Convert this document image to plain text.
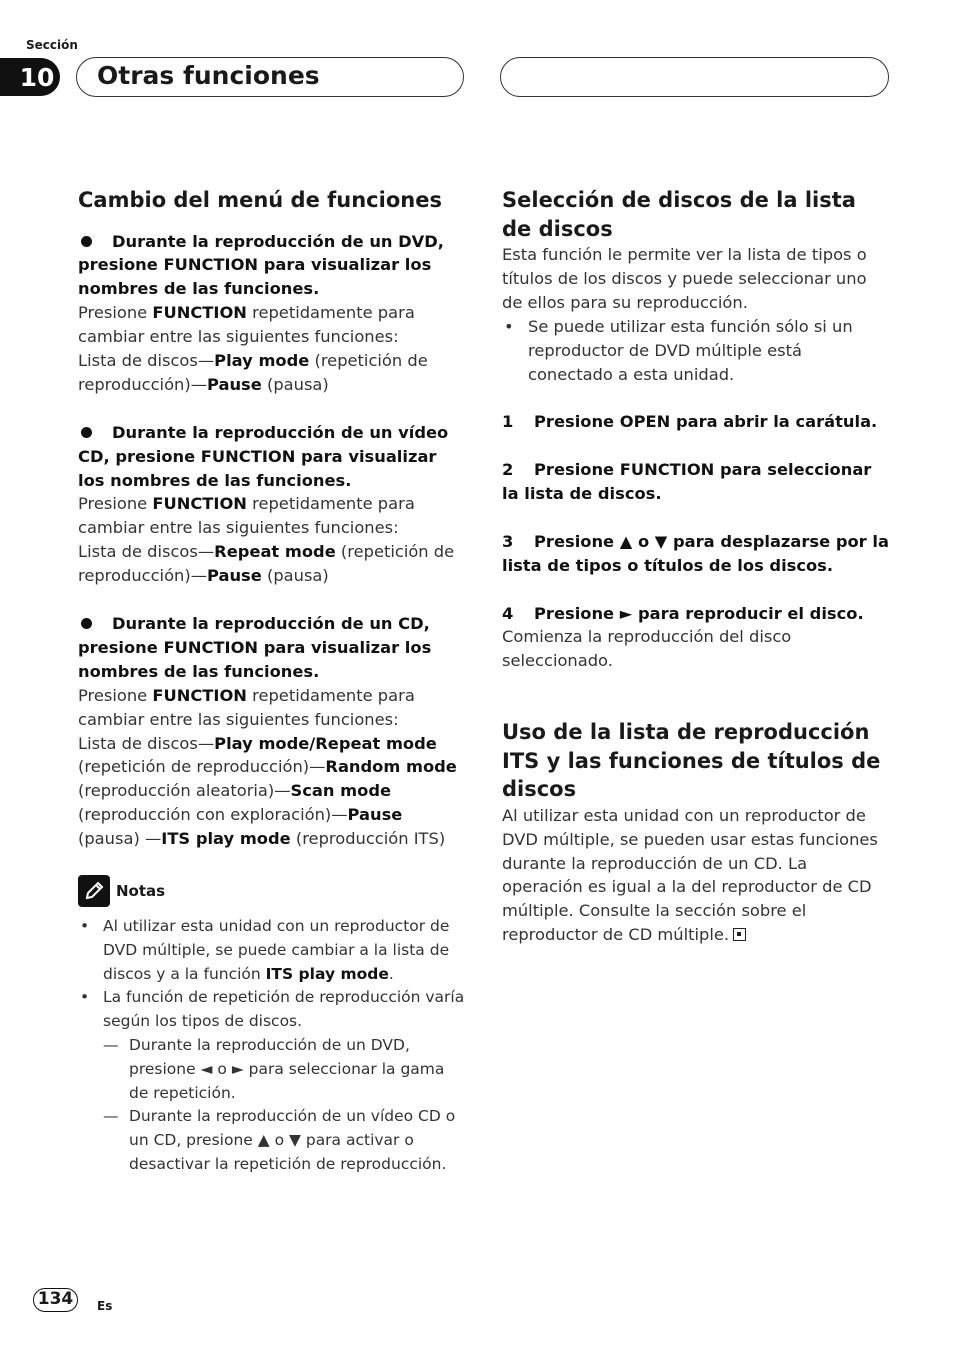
Sección
10	Otras funciones
Cambio del menú de funciones
Durante la reproducción de un DVD, presione FUNCTION para visualizar los nombres de las funciones.
Presione FUNCTION repetidamente para cambiar entre las siguientes funciones:
Lista de discos—Play mode (repetición de reproducción)—Pause (pausa)
Durante la reproducción de un vídeo CD, presione FUNCTION para visualizar los nombres de las funciones.
Presione FUNCTION repetidamente para cambiar entre las siguientes funciones:
Lista de discos—Repeat mode (repetición de reproducción)—Pause (pausa)
Durante la reproducción de un CD, presione FUNCTION para visualizar los nombres de las funciones.
Presione FUNCTION repetidamente para cambiar entre las siguientes funciones:
Lista de discos—Play mode/Repeat mode (repetición de reproducción)—Random mode (reproducción aleatoria)—Scan mode (reproducción con exploración)—Pause (pausa) —ITS play mode (reproducción ITS)
Notas
• Al utilizar esta unidad con un reproductor de DVD múltiple, se puede cambiar a la lista de discos y a la función ITS play mode.
• La función de repetición de reproducción varía según los tipos de discos.
— Durante la reproducción de un DVD, presione ◄ o ► para seleccionar la gama de repetición.
— Durante la reproducción de un vídeo CD o un CD, presione ▲ o ▼ para activar o desactivar la repetición de reproducción.
Selección de discos de la lista de discos
Esta función le permite ver la lista de tipos o títulos de los discos y puede seleccionar uno de ellos para su reproducción.
• Se puede utilizar esta función sólo si un reproductor de DVD múltiple está conectado a esta unidad.
1 Presione OPEN para abrir la carátula.
2 Presione FUNCTION para seleccionar la lista de discos.
3 Presione ▲ o ▼ para desplazarse por la lista de tipos o títulos de los discos.
4 Presione ► para reproducir el disco.
Comienza la reproducción del disco seleccionado.
Uso de la lista de reproducción ITS y las funciones de títulos de discos
Al utilizar esta unidad con un reproductor de DVD múltiple, se pueden usar estas funciones durante la reproducción de un CD. La operación es igual a la del reproductor de CD múltiple. Consulte la sección sobre el reproductor de CD múltiple.
134	Es
